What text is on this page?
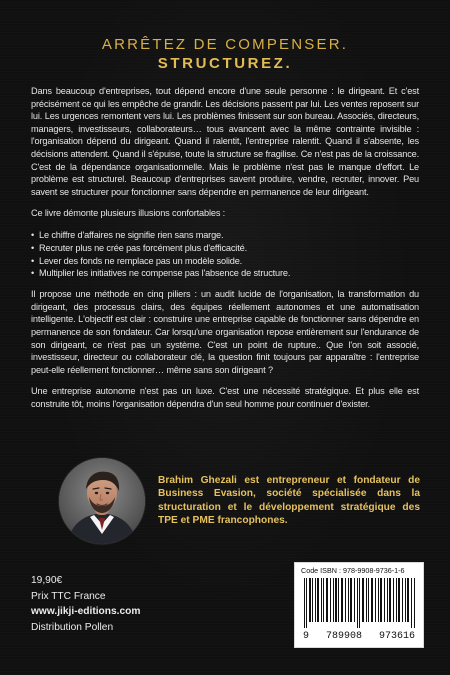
ARRÊTEZ DE COMPENSER.
STRUCTUREZ.

Dans beaucoup d'entreprises, tout dépend encore d'une seule personne : le dirigeant. Et c'est précisément ce qui les empêche de grandir. Les décisions passent par lui. Les ventes reposent sur lui. Les urgences remontent vers lui. Les problèmes finissent sur son bureau. Associés, directeurs, managers, investisseurs, collaborateurs… tous avancent avec la même contrainte invisible : l'organisation dépend du dirigeant. Quand il ralentit, l'entreprise ralentit. Quand il s'absente, les décisions attendent. Quand il s'épuise, toute la structure se fragilise. Ce n'est pas de la croissance. C'est de la dépendance organisationnelle. Mais le problème n'est pas le manque d'effort. Le problème est structurel. Beaucoup d'entreprises savent produire, vendre, recruter, innover. Peu savent se structurer pour fonctionner sans dépendre en permanence de leur dirigeant.

Ce livre démonte plusieurs illusions confortables :

• Le chiffre d'affaires ne signifie rien sans marge.
• Recruter plus ne crée pas forcément plus d'efficacité.
• Lever des fonds ne remplace pas un modèle solide.
• Multiplier les initiatives ne compense pas l'absence de structure.

Il propose une méthode en cinq piliers : un audit lucide de l'organisation, la transformation du dirigeant, des processus clairs, des équipes réellement autonomes et une automatisation intelligente. L'objectif est clair : construire une entreprise capable de fonctionner sans dépendre en permanence de son fondateur. Car lorsqu'une organisation repose entièrement sur l'endurance de son dirigeant, ce n'est pas un système. C'est un point de rupture.. Que l'on soit associé, investisseur, directeur ou collaborateur clé, la question finit toujours par apparaître : l'entreprise peut-elle réellement fonctionner… même sans son dirigeant ?

Une entreprise autonome n'est pas un luxe. C'est une nécessité stratégique. Et plus elle est construite tôt, moins l'organisation dépendra d'un seul homme pour continuer d'exister.

Brahim Ghezali est entrepreneur et fondateur de Business Evasion, société spécialisée dans la structuration et le développement stratégique des TPE et PME francophones.
19,90€
Prix TTC France
www.jikji-editions.com
Distribution Pollen
Code ISBN : 978-9908-9736-1-6
9 789908 973616
